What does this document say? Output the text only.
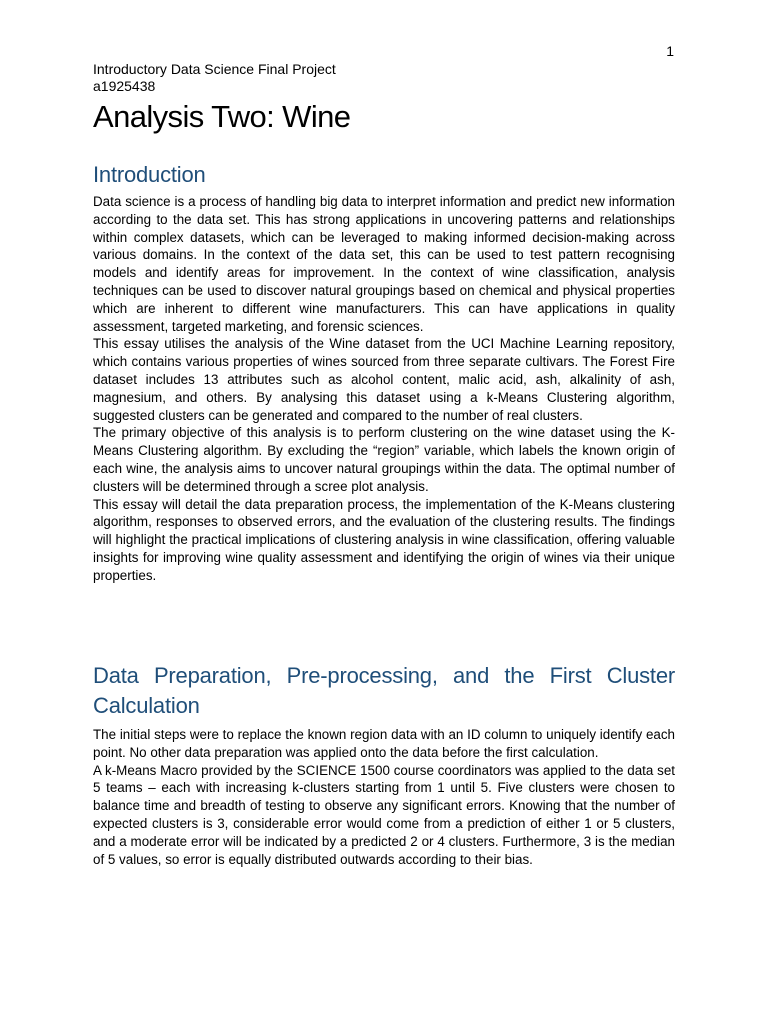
1
Introductory Data Science Final Project
a1925438
Analysis Two: Wine
Introduction

Data science is a process of handling big data to interpret information and predict new information according to the data set. This has strong applications in uncovering patterns and relationships within complex datasets, which can be leveraged to making informed decision-making across various domains. In the context of the data set, this can be used to test pattern recognising models and identify areas for improvement. In the context of wine classification, analysis techniques can be used to discover natural groupings based on chemical and physical properties which are inherent to different wine manufacturers. This can have applications in quality assessment, targeted marketing, and forensic sciences.

This essay utilises the analysis of the Wine dataset from the UCI Machine Learning repository, which contains various properties of wines sourced from three separate cultivars. The Forest Fire dataset includes 13 attributes such as alcohol content, malic acid, ash, alkalinity of ash, magnesium, and others. By analysing this dataset using a k-Means Clustering algorithm, suggested clusters can be generated and compared to the number of real clusters.

The primary objective of this analysis is to perform clustering on the wine dataset using the K-Means Clustering algorithm. By excluding the “region” variable, which labels the known origin of each wine, the analysis aims to uncover natural groupings within the data. The optimal number of clusters will be determined through a scree plot analysis.

This essay will detail the data preparation process, the implementation of the K-Means clustering algorithm, responses to observed errors, and the evaluation of the clustering results. The findings will highlight the practical implications of clustering analysis in wine classification, offering valuable insights for improving wine quality assessment and identifying the origin of wines via their unique properties.

Data Preparation, Pre-processing, and the First Cluster Calculation

The initial steps were to replace the known region data with an ID column to uniquely identify each point. No other data preparation was applied onto the data before the first calculation.

A k-Means Macro provided by the SCIENCE 1500 course coordinators was applied to the data set 5 teams – each with increasing k-clusters starting from 1 until 5. Five clusters were chosen to balance time and breadth of testing to observe any significant errors. Knowing that the number of expected clusters is 3, considerable error would come from a prediction of either 1 or 5 clusters, and a moderate error will be indicated by a predicted 2 or 4 clusters. Furthermore, 3 is the median of 5 values, so error is equally distributed outwards according to their bias.
